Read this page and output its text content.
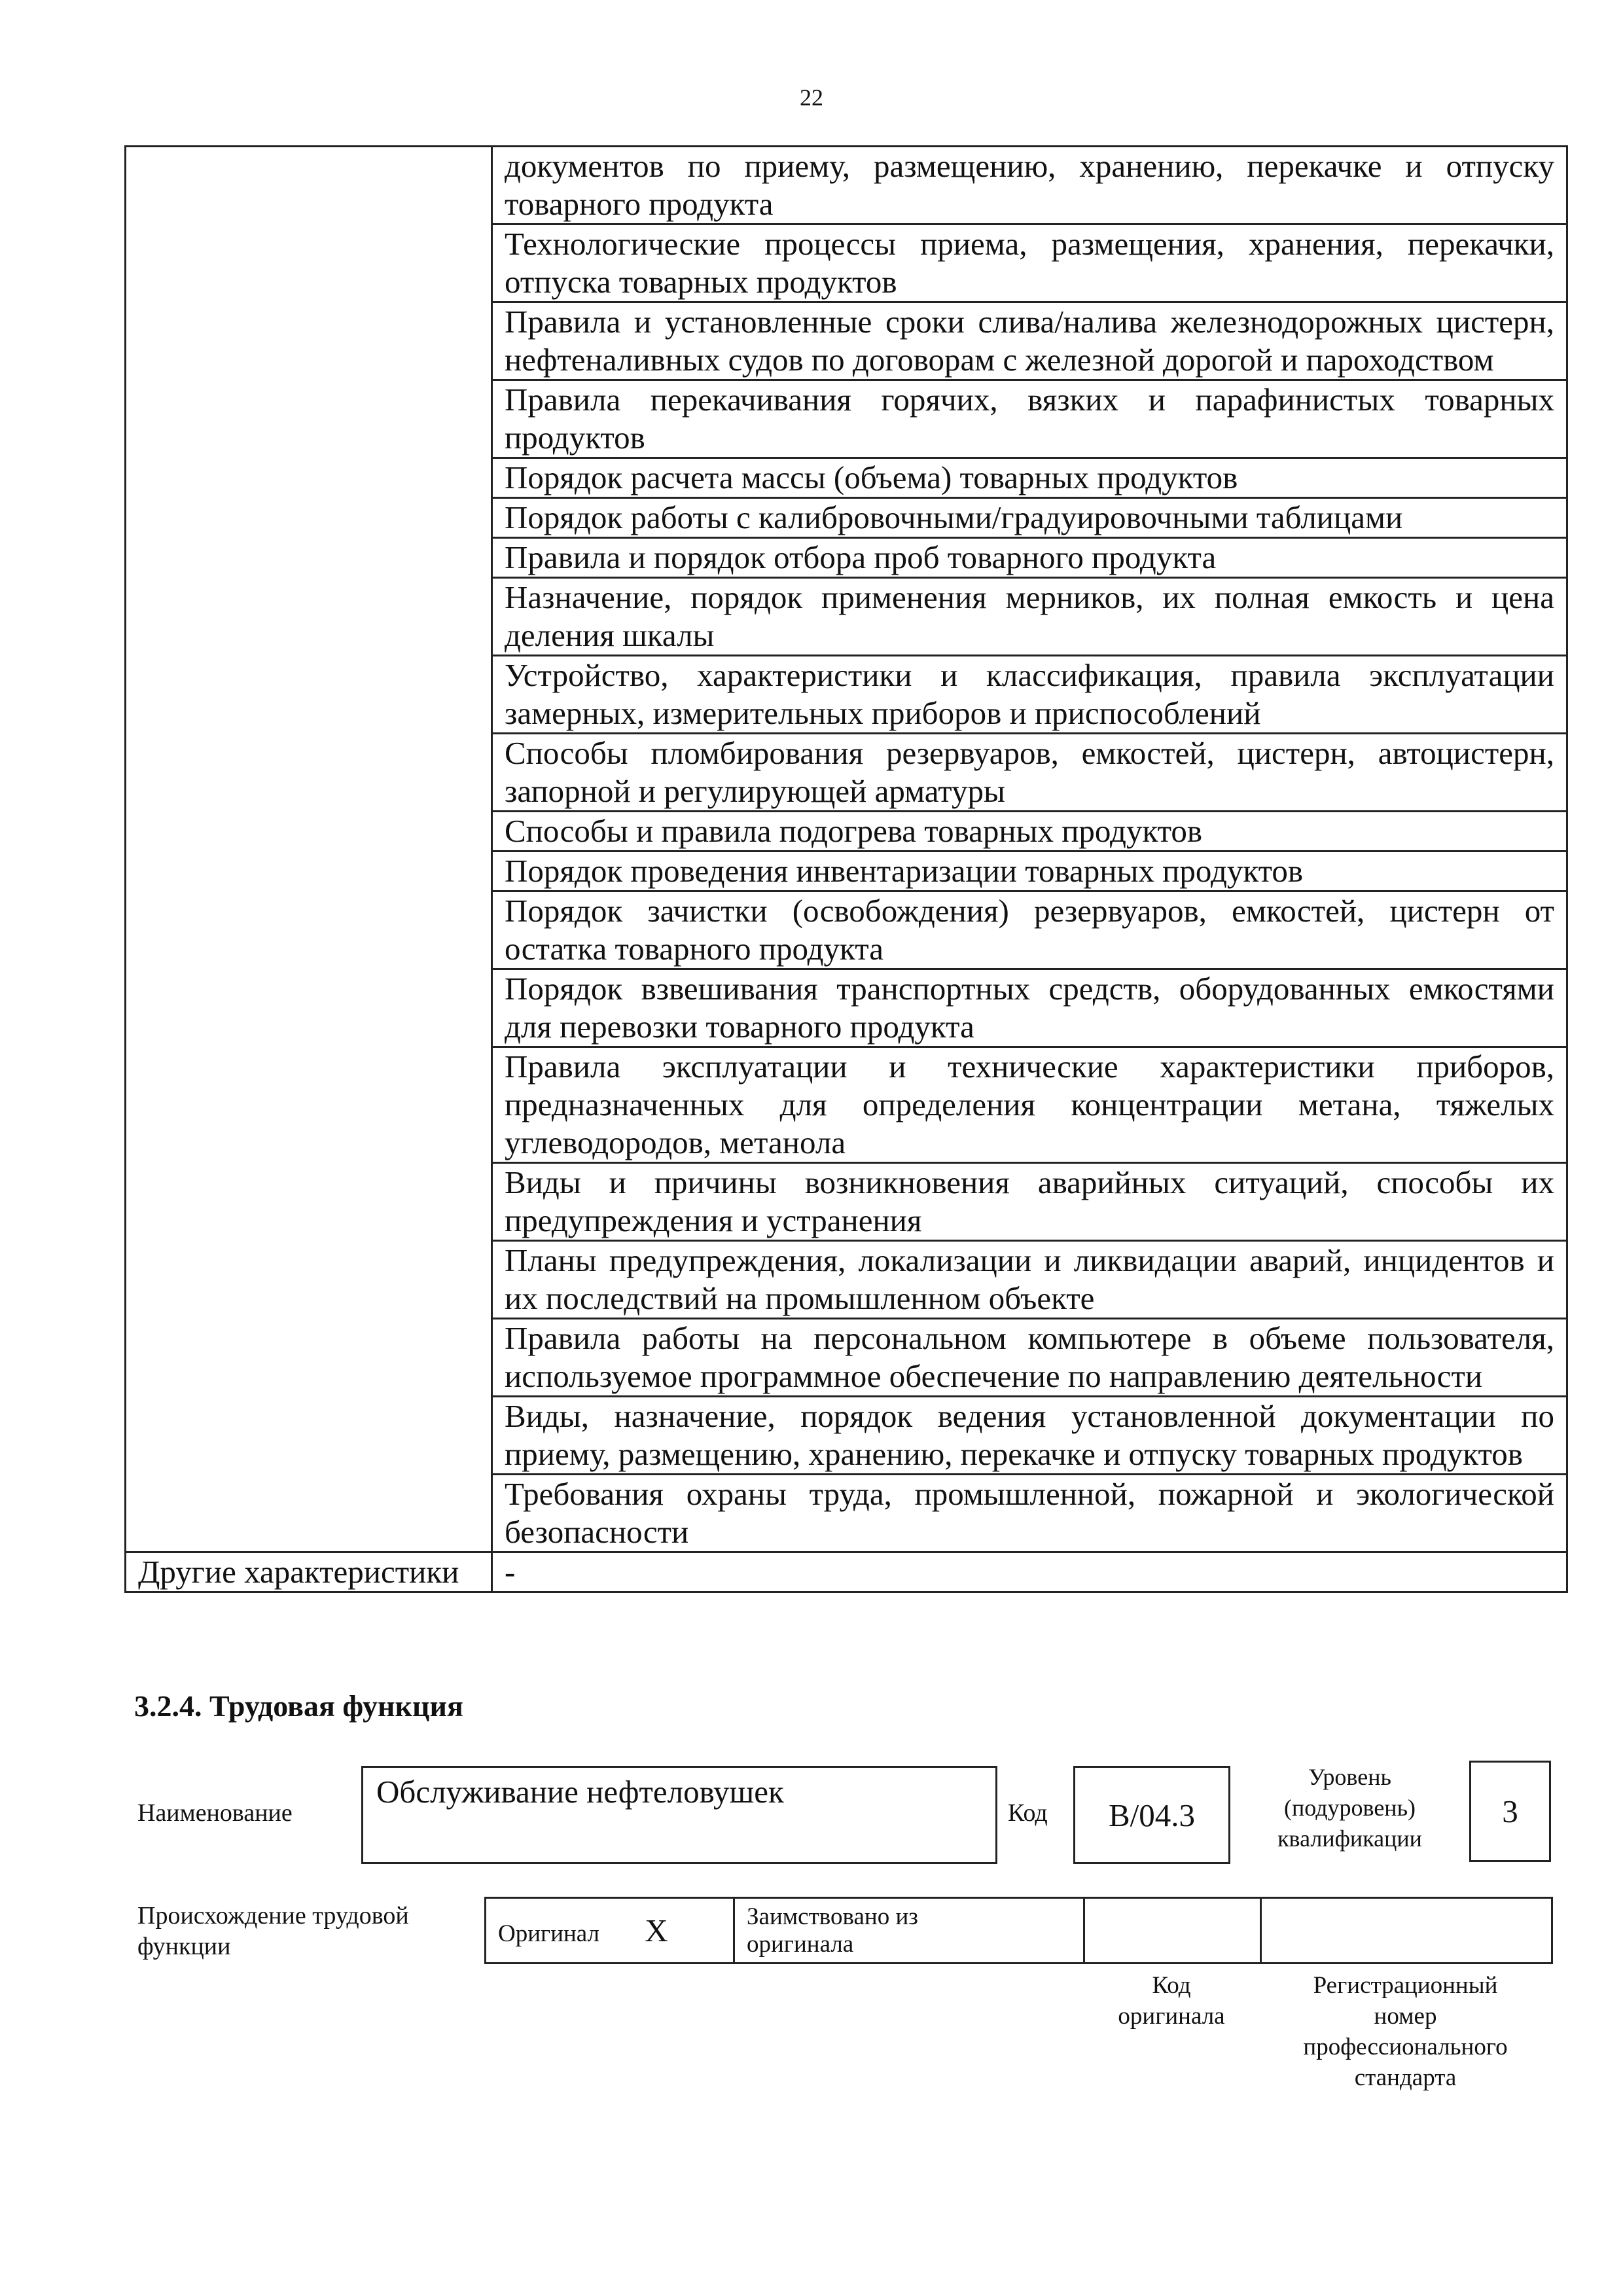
22
	документов по приему, размещению, хранению, перекачке и отпуску товарного продукта
	Технологические процессы приема, размещения, хранения, перекачки, отпуска товарных продуктов
	Правила и установленные сроки слива/налива железнодорожных цистерн, нефтеналивных судов по договорам с железной дорогой и пароходством
	Правила перекачивания горячих, вязких и парафинистых товарных продуктов
	Порядок расчета массы (объема) товарных продуктов
	Порядок работы с калибровочными/градуировочными таблицами
	Правила и порядок отбора проб товарного продукта
	Назначение, порядок применения мерников, их полная емкость и цена деления шкалы
	Устройство, характеристики и классификация, правила эксплуатации замерных, измерительных приборов и приспособлений
	Способы пломбирования резервуаров, емкостей, цистерн, автоцистерн, запорной и регулирующей арматуры
	Способы и правила подогрева товарных продуктов
	Порядок проведения инвентаризации товарных продуктов
	Порядок зачистки (освобождения) резервуаров, емкостей, цистерн от остатка товарного продукта
	Порядок взвешивания транспортных средств, оборудованных емкостями для перевозки товарного продукта
	Правила эксплуатации и технические характеристики приборов, предназначенных для определения концентрации метана, тяжелых углеводородов, метанола
	Виды и причины возникновения аварийных ситуаций, способы их предупреждения и устранения
	Планы предупреждения, локализации и ликвидации аварий, инцидентов и их последствий на промышленном объекте
	Правила работы на персональном компьютере в объеме пользователя, используемое программное обеспечение по направлению деятельности
	Виды, назначение, порядок ведения установленной документации по приему, размещению, хранению, перекачке и отпуску товарных продуктов
	Требования охраны труда, промышленной, пожарной и экологической безопасности
Другие характеристики	-
3.2.4. Трудовая функция
Наименование
Обслуживание нефтеловушек
Код В/04.3
Уровень
(подуровень)
квалификации
3
Происхождение трудовой
функции	Оригинал X	Заимствовано из
оригинала

Код
оригинала
Регистрационный
номер
профессионального
стандарта
